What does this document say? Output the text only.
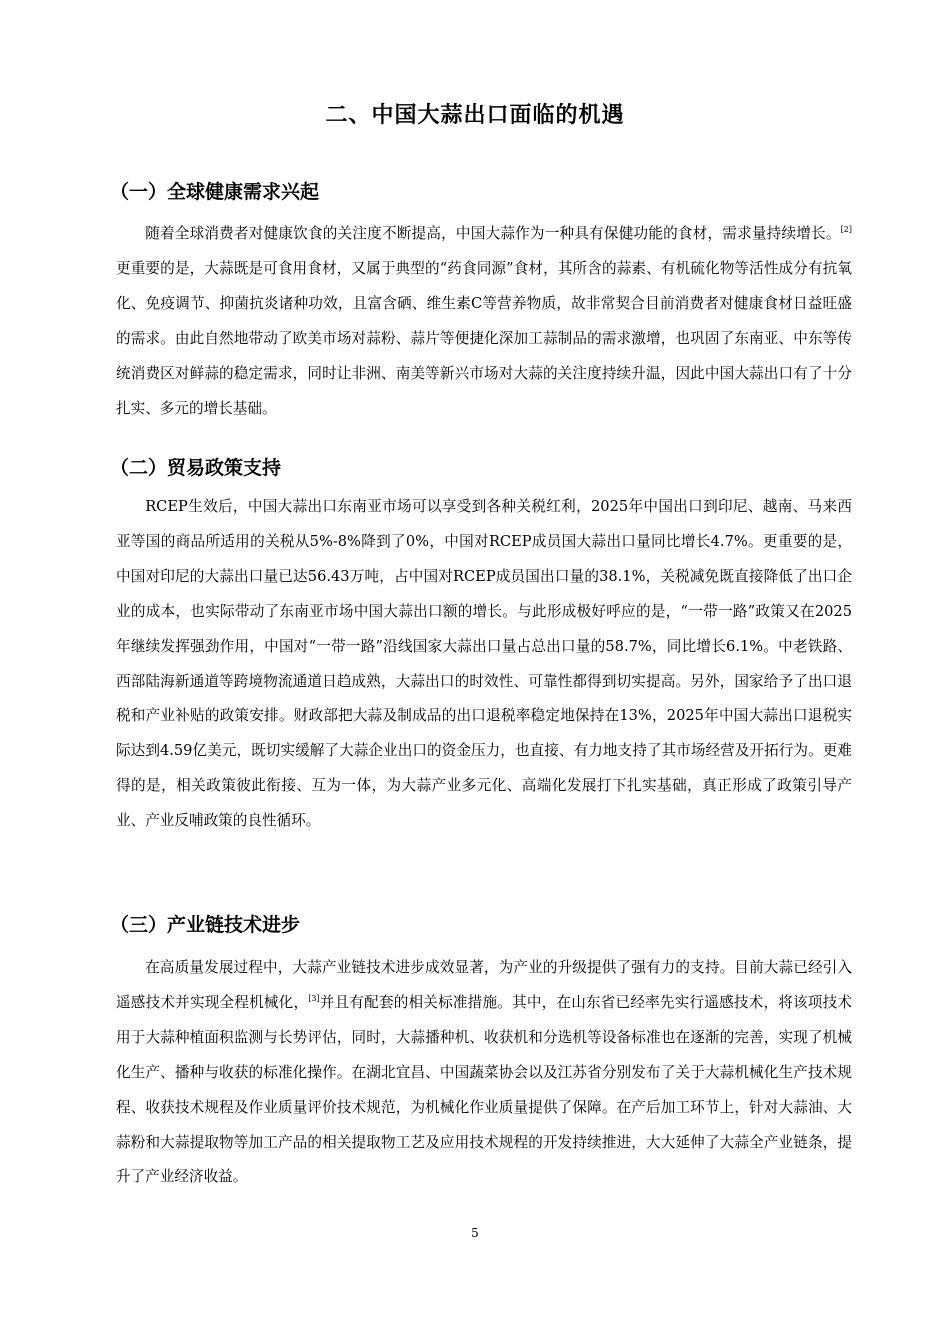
二、中国大蒜出口面临的机遇
（一）全球健康需求兴起

随着全球消费者对健康饮食的关注度不断提高，中国大蒜作为一种具有保健功能的食材，需求量持续增长。[2]更重要的是，大蒜既是可食用食材，又属于典型的“药食同源”食材，其所含的蒜素、有机硫化物等活性成分有抗氧化、免疫调节、抑菌抗炎诸种功效，且富含硒、维生素C等营养物质，故非常契合目前消费者对健康食材日益旺盛的需求。由此自然地带动了欧美市场对蒜粉、蒜片等便捷化深加工蒜制品的需求激增，也巩固了东南亚、中东等传统消费区对鲜蒜的稳定需求，同时让非洲、南美等新兴市场对大蒜的关注度持续升温，因此中国大蒜出口有了十分扎实、多元的增长基础。

（二）贸易政策支持

RCEP生效后，中国大蒜出口东南亚市场可以享受到各种关税红利，2025年中国出口到印尼、越南、马来西亚等国的商品所适用的关税从5%-8%降到了0%，中国对RCEP成员国大蒜出口量同比增长4.7%。更重要的是，中国对印尼的大蒜出口量已达56.43万吨，占中国对RCEP成员国出口量的38.1%，关税减免既直接降低了出口企业的成本，也实际带动了东南亚市场中国大蒜出口额的增长。与此形成极好呼应的是，“一带一路”政策又在2025年继续发挥强劲作用，中国对“一带一路”沿线国家大蒜出口量占总出口量的58.7%，同比增长6.1%。中老铁路、西部陆海新通道等跨境物流通道日趋成熟，大蒜出口的时效性、可靠性都得到切实提高。另外，国家给予了出口退税和产业补贴的政策安排。财政部把大蒜及制成品的出口退税率稳定地保持在13%，2025年中国大蒜出口退税实际达到4.59亿美元，既切实缓解了大蒜企业出口的资金压力，也直接、有力地支持了其市场经营及开拓行为。更难得的是，相关政策彼此衔接、互为一体，为大蒜产业多元化、高端化发展打下扎实基础，真正形成了政策引导产业、产业反哺政策的良性循环。

（三）产业链技术进步

在高质量发展过程中，大蒜产业链技术进步成效显著，为产业的升级提供了强有力的支持。目前大蒜已经引入遥感技术并实现全程机械化，[3]并且有配套的相关标准措施。其中，在山东省已经率先实行遥感技术，将该项技术用于大蒜种植面积监测与长势评估，同时，大蒜播种机、收获机和分选机等设备标准也在逐渐的完善，实现了机械化生产、播种与收获的标准化操作。在湖北宜昌、中国蔬菜协会以及江苏省分别发布了关于大蒜机械化生产技术规程、收获技术规程及作业质量评价技术规范，为机械化作业质量提供了保障。在产后加工环节上，针对大蒜油、大蒜粉和大蒜提取物等加工产品的相关提取物工艺及应用技术规程的开发持续推进，大大延伸了大蒜全产业链条，提升了产业经济收益。

5
